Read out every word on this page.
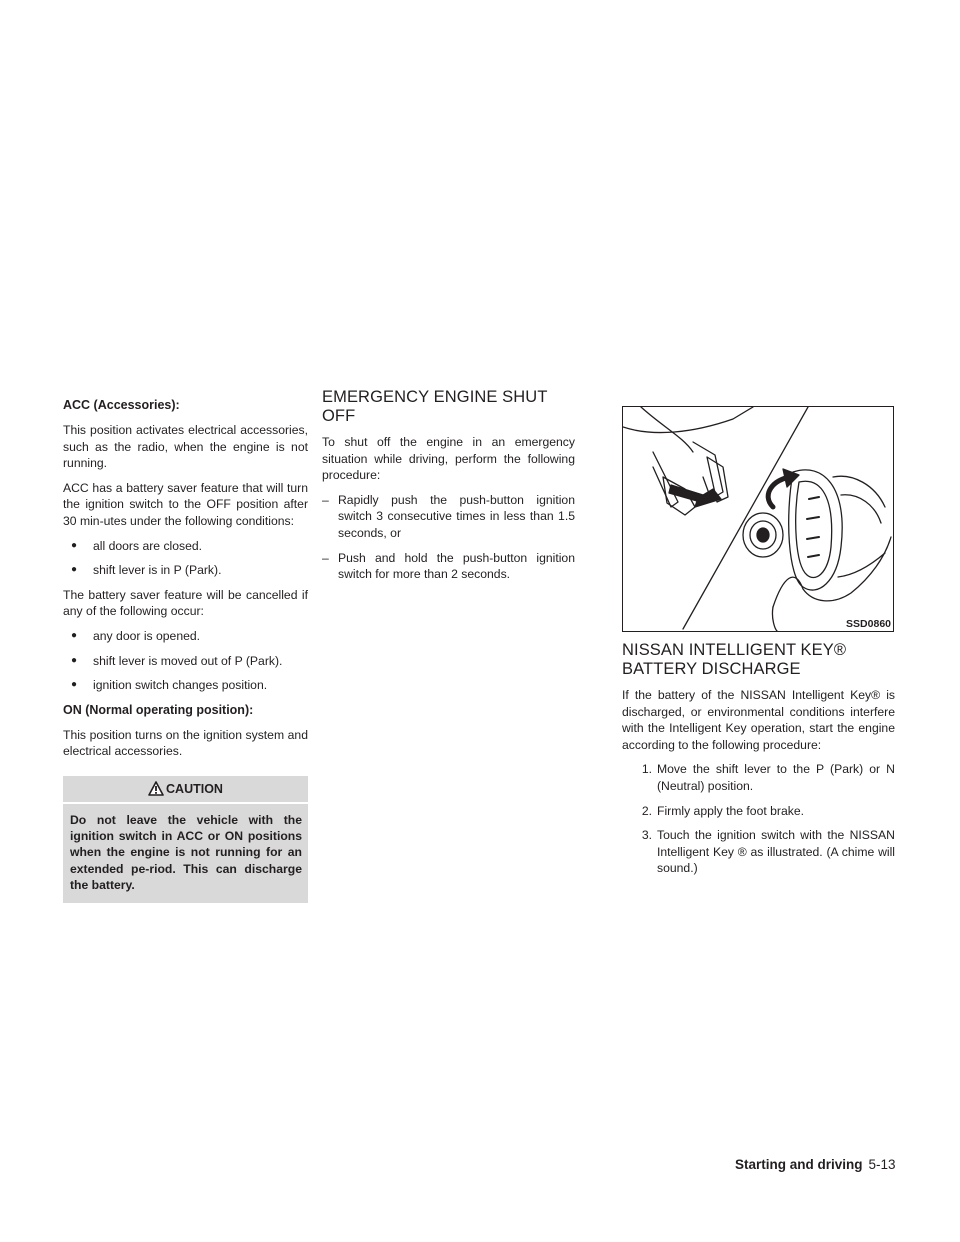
ACC (Accessories):

This position activates electrical accessories, such as the radio, when the engine is not running.

ACC has a battery saver feature that will turn the ignition switch to the OFF position after 30 min-utes under the following conditions:

● all doors are closed.
● shift lever is in P (Park).

The battery saver feature will be cancelled if any of the following occur:

● any door is opened.
● shift lever is moved out of P (Park).
● ignition switch changes position.
ON (Normal operating position):

This position turns on the ignition system and electrical accessories.

CAUTION
Do not leave the vehicle with the ignition switch in ACC or ON positions when the engine is not running for an extended pe-riod. This can discharge the battery.
EMERGENCY ENGINE SHUT OFF

To shut off the engine in an emergency situation while driving, perform the following procedure:

– Rapidly push the push-button ignition switch 3 consecutive times in less than 1.5 seconds, or
– Push and hold the push-button ignition switch for more than 2 seconds.
SSD0860
NISSAN INTELLIGENT KEY®
BATTERY DISCHARGE

If the battery of the NISSAN Intelligent Key® is discharged, or environmental conditions interfere with the Intelligent Key operation, start the engine according to the following procedure:

1. Move the shift lever to the P (Park) or N (Neutral) position.
2. Firmly apply the foot brake.
3. Touch the ignition switch with the NISSAN Intelligent Key ® as illustrated. (A chime will sound.)
Starting and driving 5-13
